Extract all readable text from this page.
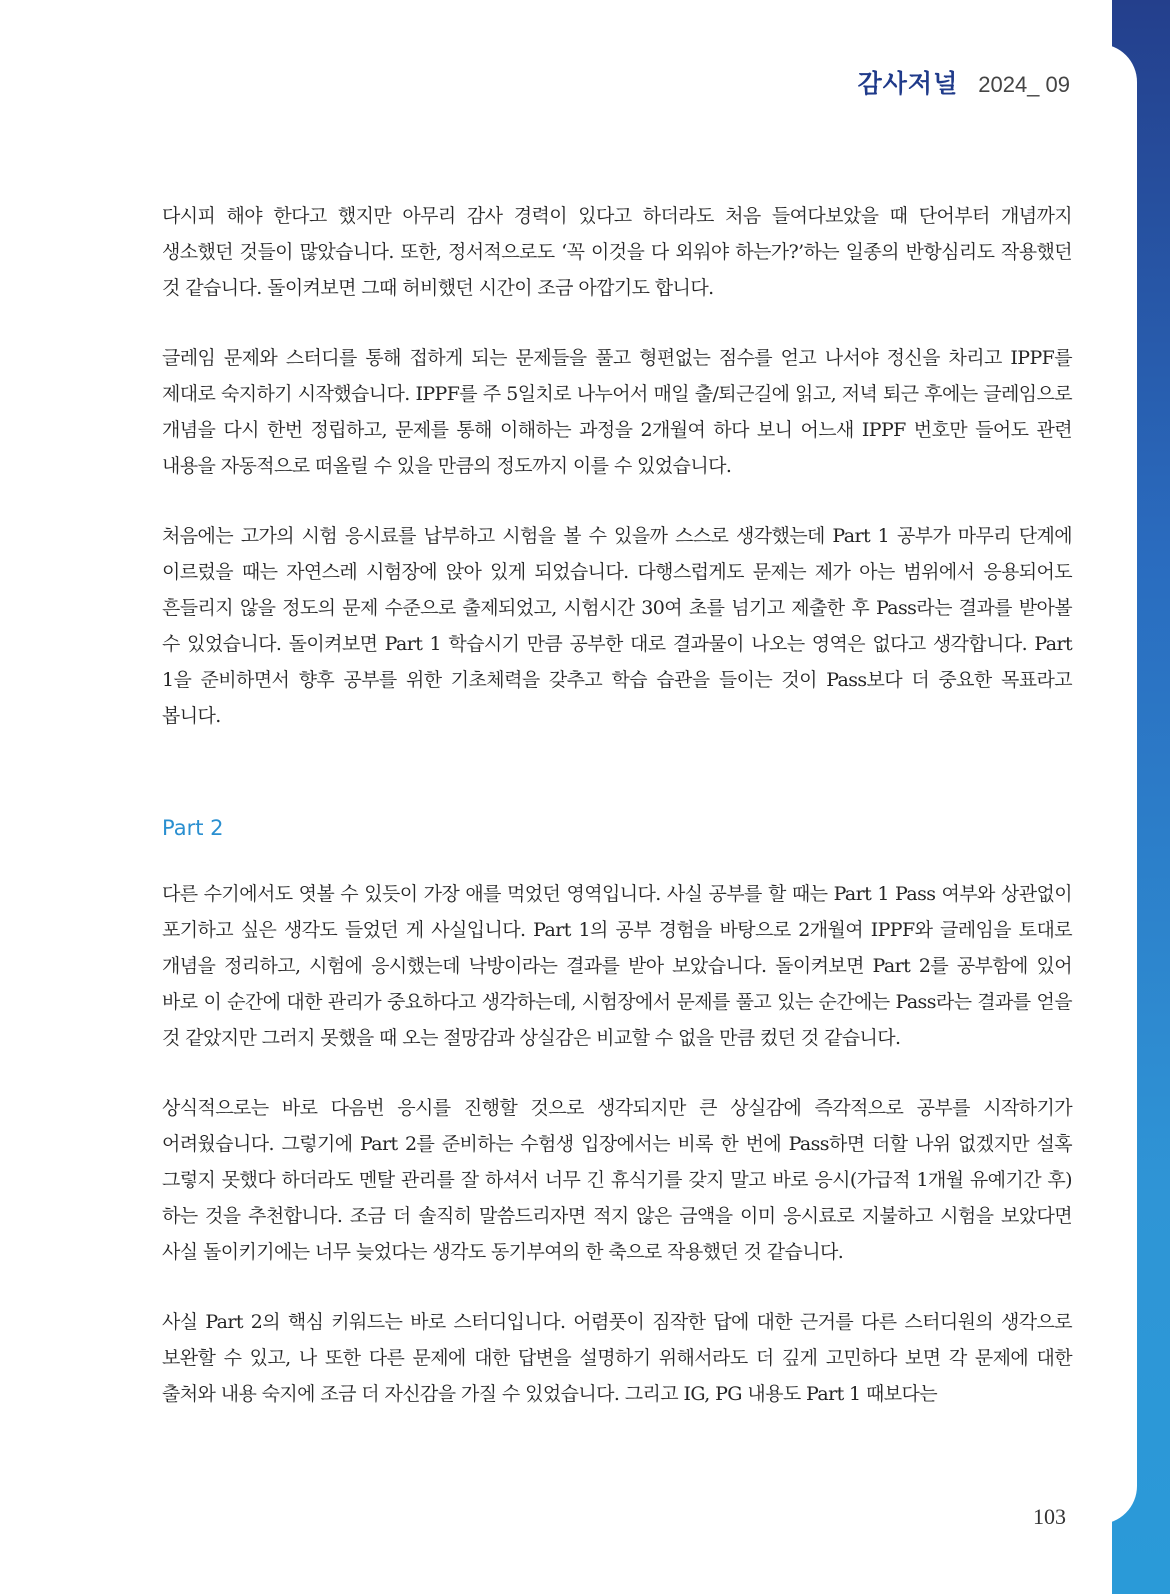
감사저널 2024_ 09

다시피 해야 한다고 했지만 아무리 감사 경력이 있다고 하더라도 처음 들여다보았을 때 단어부터 개념까지 생소했던 것들이 많았습니다. 또한, 정서적으로도 ‘꼭 이것을 다 외워야 하는가?’하는 일종의 반항심리도 작용했던 것 같습니다. 돌이켜보면 그때 허비했던 시간이 조금 아깝기도 합니다.

글레임 문제와 스터디를 통해 접하게 되는 문제들을 풀고 형편없는 점수를 얻고 나서야 정신을 차리고 IPPF를 제대로 숙지하기 시작했습니다. IPPF를 주 5일치로 나누어서 매일 출/퇴근길에 읽고, 저녁 퇴근 후에는 글레임으로 개념을 다시 한번 정립하고, 문제를 통해 이해하는 과정을 2개월여 하다 보니 어느새 IPPF 번호만 들어도 관련 내용을 자동적으로 떠올릴 수 있을 만큼의 정도까지 이를 수 있었습니다.

처음에는 고가의 시험 응시료를 납부하고 시험을 볼 수 있을까 스스로 생각했는데 Part 1 공부가 마무리 단계에 이르렀을 때는 자연스레 시험장에 앉아 있게 되었습니다. 다행스럽게도 문제는 제가 아는 범위에서 응용되어도 흔들리지 않을 정도의 문제 수준으로 출제되었고, 시험시간 30여 초를 넘기고 제출한 후 Pass라는 결과를 받아볼 수 있었습니다. 돌이켜보면 Part 1 학습시기 만큼 공부한 대로 결과물이 나오는 영역은 없다고 생각합니다. Part 1을 준비하면서 향후 공부를 위한 기초체력을 갖추고 학습 습관을 들이는 것이 Pass보다 더 중요한 목표라고 봅니다.

Part 2

다른 수기에서도 엿볼 수 있듯이 가장 애를 먹었던 영역입니다. 사실 공부를 할 때는 Part 1 Pass 여부와 상관없이 포기하고 싶은 생각도 들었던 게 사실입니다. Part 1의 공부 경험을 바탕으로 2개월여 IPPF와 글레임을 토대로 개념을 정리하고, 시험에 응시했는데 낙방이라는 결과를 받아 보았습니다. 돌이켜보면 Part 2를 공부함에 있어 바로 이 순간에 대한 관리가 중요하다고 생각하는데, 시험장에서 문제를 풀고 있는 순간에는 Pass라는 결과를 얻을 것 같았지만 그러지 못했을 때 오는 절망감과 상실감은 비교할 수 없을 만큼 컸던 것 같습니다.

상식적으로는 바로 다음번 응시를 진행할 것으로 생각되지만 큰 상실감에 즉각적으로 공부를 시작하기가 어려웠습니다. 그렇기에 Part 2를 준비하는 수험생 입장에서는 비록 한 번에 Pass하면 더할 나위 없겠지만 설혹 그렇지 못했다 하더라도 멘탈 관리를 잘 하셔서 너무 긴 휴식기를 갖지 말고 바로 응시(가급적 1개월 유예기간 후)하는 것을 추천합니다. 조금 더 솔직히 말씀드리자면 적지 않은 금액을 이미 응시료로 지불하고 시험을 보았다면 사실 돌이키기에는 너무 늦었다는 생각도 동기부여의 한 축으로 작용했던 것 같습니다.

사실 Part 2의 핵심 키워드는 바로 스터디입니다. 어렴풋이 짐작한 답에 대한 근거를 다른 스터디원의 생각으로 보완할 수 있고, 나 또한 다른 문제에 대한 답변을 설명하기 위해서라도 더 깊게 고민하다 보면 각 문제에 대한 출처와 내용 숙지에 조금 더 자신감을 가질 수 있었습니다. 그리고 IG, PG 내용도 Part 1 때보다는

103
